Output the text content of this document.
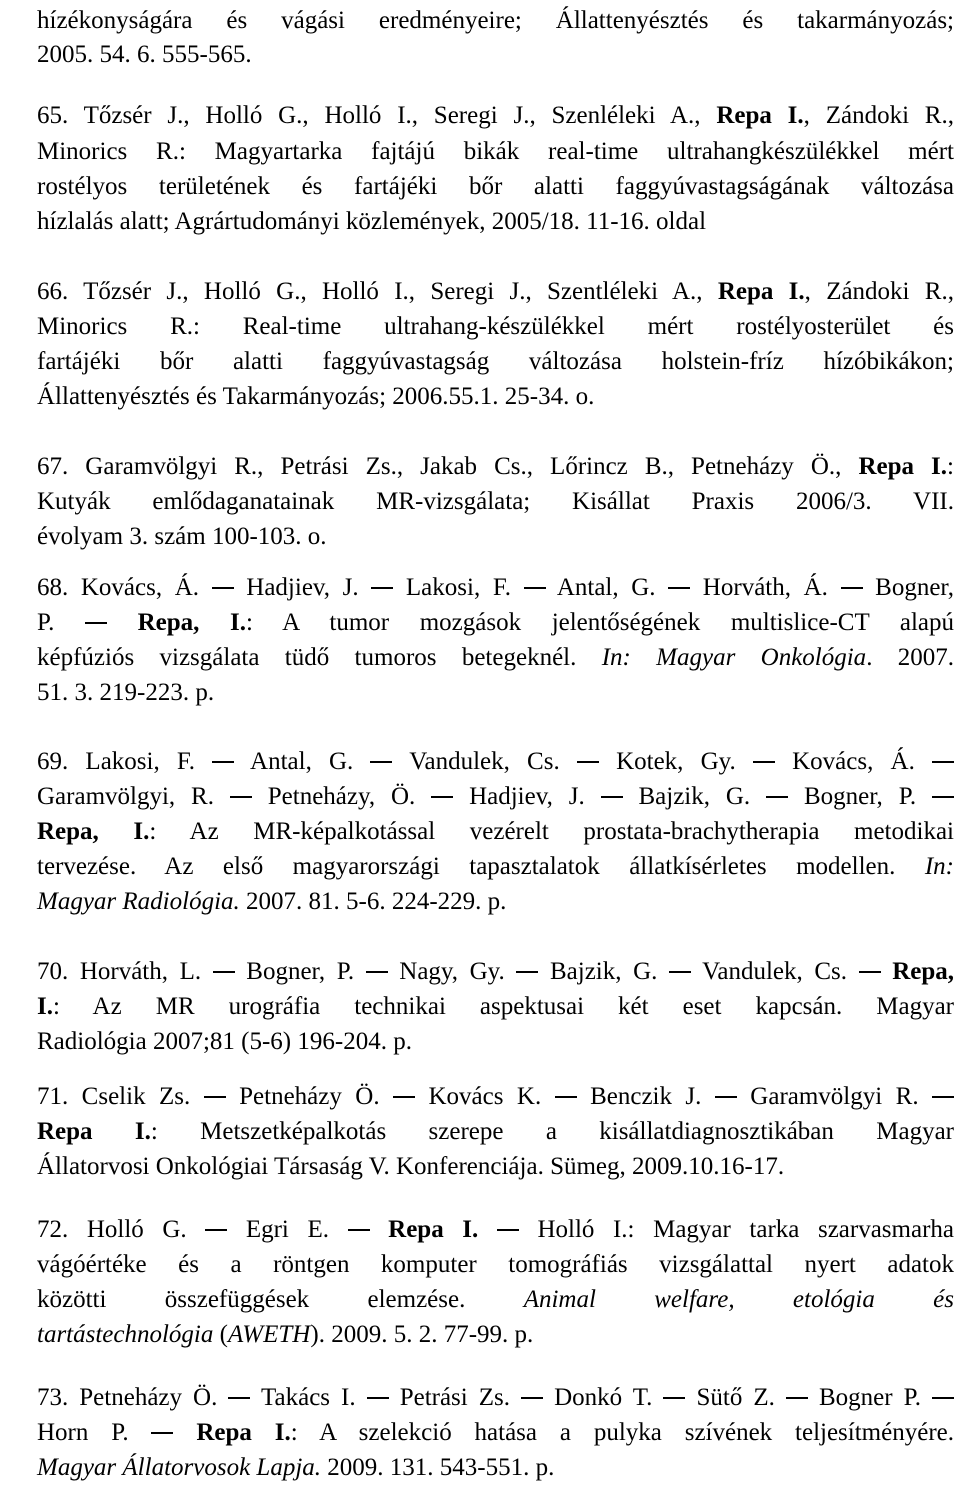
hízékonyságára és vágási eredményeire; Állattenyésztés és takarmányozás;
2005. 54. 6. 555-565.
65. Tőzsér J., Holló G., Holló I., Seregi J., Szenléleki A., Repa I., Zándoki R.,
Minorics R.: Magyartarka fajtájú bikák real-time ultrahangkészülékkel mért
rostélyos területének és fartájéki bőr alatti faggyúvastagságának változása
hízlalás alatt; Agrártudományi közlemények, 2005/18. 11-16. oldal
66. Tőzsér J., Holló G., Holló I., Seregi J., Szentléleki A., Repa I., Zándoki R.,
Minorics R.: Real-time ultrahang-készülékkel mért rostélyosterület és
fartájéki bőr alatti faggyúvastagság változása holstein-fríz hízóbikákon;
Állattenyésztés és Takarmányozás; 2006.55.1. 25-34. o.
67. Garamvölgyi R., Petrási Zs., Jakab Cs., Lőrincz B., Petneházy Ö., Repa I.:
Kutyák emlődaganatainak MR-vizsgálata; Kisállat Praxis 2006/3. VII.
évolyam 3. szám 100-103. o.
68. Kovács, Á.  Hadjiev, J.  Lakosi, F.  Antal, G.  Horváth, Á.  Bogner,
P.  Repa, I.: A tumor mozgások jelentőségének multislice-CT alapú
képfúziós vizsgálata tüdő tumoros betegeknél. In: Magyar Onkológia. 2007.
51. 3. 219-223. p.
69. Lakosi, F.  Antal, G.  Vandulek, Cs.  Kotek, Gy.  Kovács, Á.
Garamvölgyi, R.  Petneházy, Ö.  Hadjiev, J.  Bajzik, G.  Bogner, P.
Repa, I.: Az MR-képalkotással vezérelt prostata-brachytherapia metodikai
tervezése. Az első magyarországi tapasztalatok állatkísérletes modellen. In:
Magyar Radiológia. 2007. 81. 5-6. 224-229. p.
70. Horváth, L.  Bogner, P.  Nagy, Gy.  Bajzik, G.  Vandulek, Cs.  Repa,
I.: Az MR urográfia technikai aspektusai két eset kapcsán. Magyar
Radiológia 2007;81 (5-6) 196-204. p.
71. Cselik Zs.  Petneházy Ö.  Kovács K.  Benczik J.  Garamvölgyi R.
Repa I.: Metszetképalkotás szerepe a kisállatdiagnosztikában Magyar
Állatorvosi Onkológiai Társaság V. Konferenciája. Sümeg, 2009.10.16-17.
72. Holló G.  Egri E.  Repa I.  Holló I.: Magyar tarka szarvasmarha
vágóértéke és a röntgen komputer tomográfiás vizsgálattal nyert adatok
közötti összefüggések elemzése. Animal welfare, etológia és
tartástechnológia (AWETH). 2009. 5. 2. 77-99. p.
73. Petneházy Ö.  Takács I.  Petrási Zs.  Donkó T.  Sütő Z.  Bogner P.
Horn P.  Repa I.: A szelekció hatása a pulyka szívének teljesítményére.
Magyar Állatorvosok Lapja. 2009. 131. 543-551. p.
